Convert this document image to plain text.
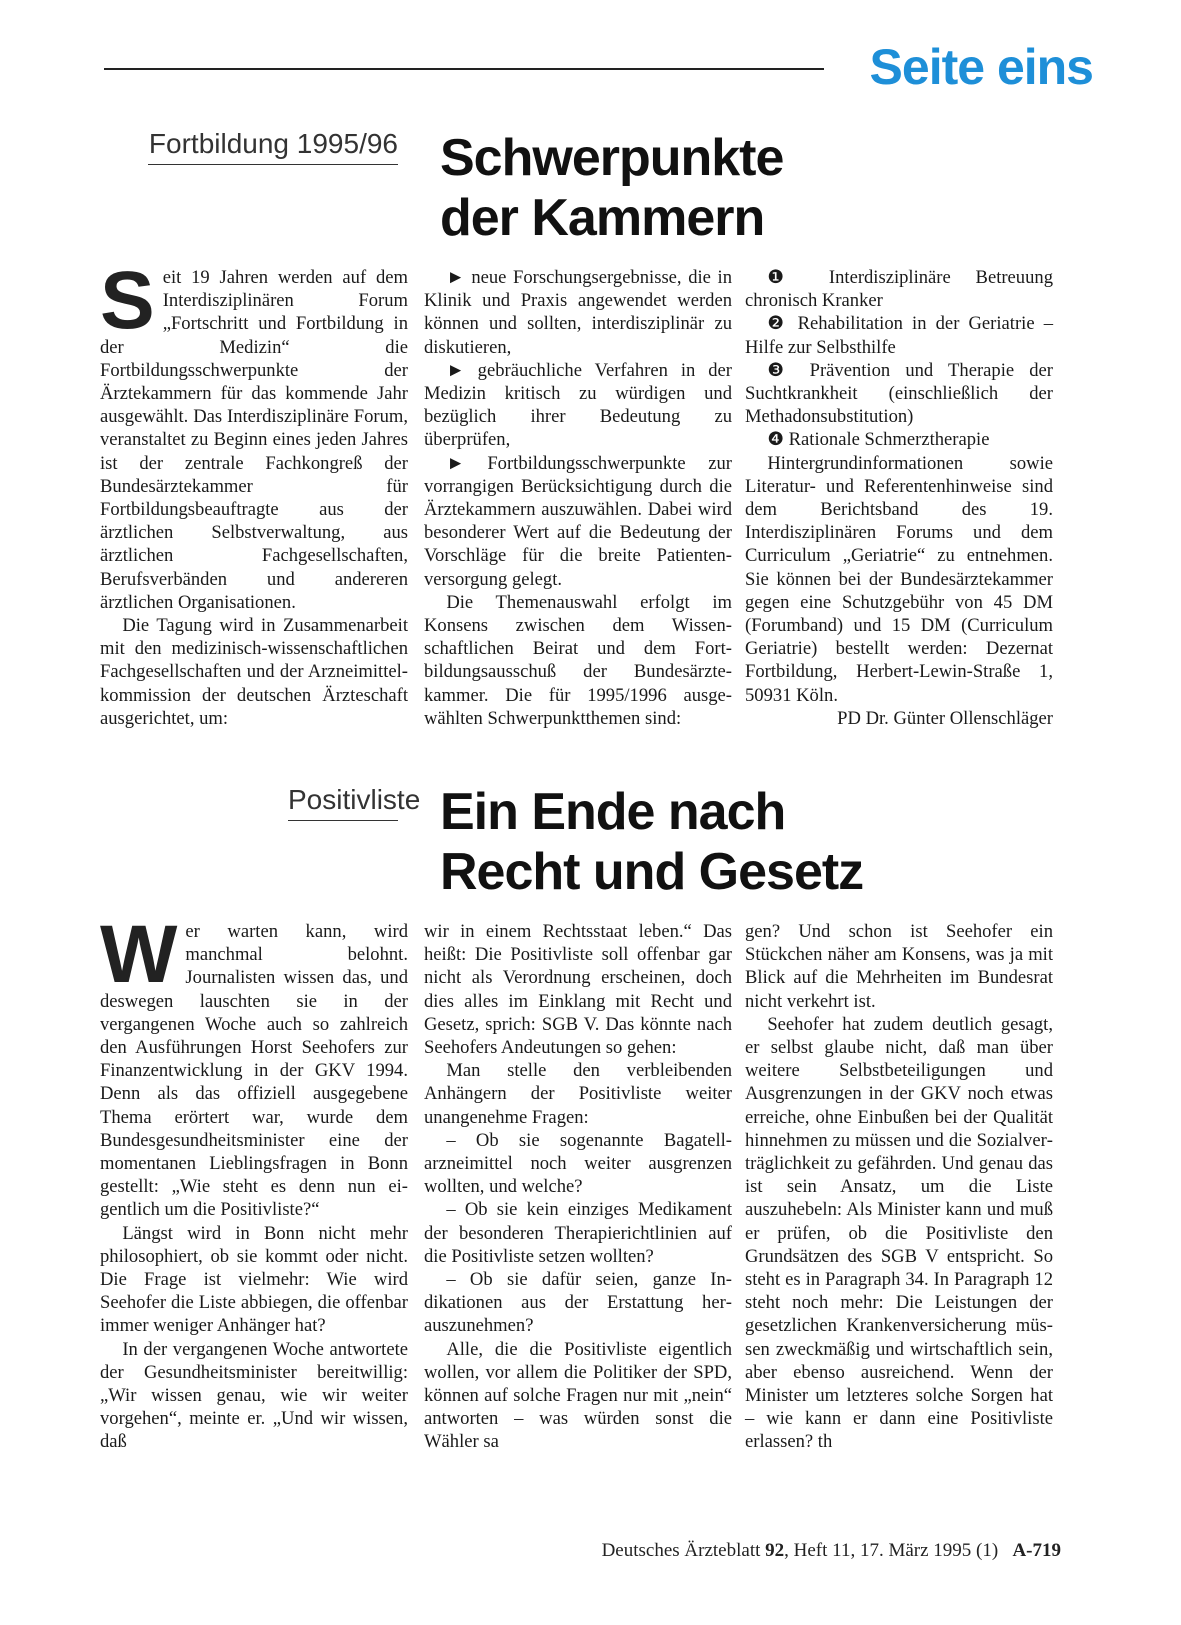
Seite eins
Fortbildung 1995/96 Schwerpunkte
der Kammern
S eit 19 Jahren werden auf dem Interdisziplinären Forum „Fortschritt und Fortbildung in der Medizin“ die Fortbildungsschwerpunkte der Ärztekammern für das kommende Jahr ausgewählt. Das Interdisziplinäre Forum, veranstaltet zu Beginn eines jeden Jahres ist der zentrale Fachkongreß der Bundesärztekammer für Fortbildungsbeauftragte aus der ärztlichen Selbstverwaltung, aus ärztlichen Fachgesellschaften, Berufsverbänden und andereren ärztlichen Organisationen.

Die Tagung wird in Zusammenarbeit mit den medizinisch-wissenschaftlichen Fachgesellschaften und der Arzneimittelkommission der deutschen Ärzteschaft ausgerichtet, um:

► neue Forschungsergebnisse, die in Klinik und Praxis angewendet werden können und sollten, interdisziplinär zu diskutieren,

► gebräuchliche Verfahren in der Medizin kritisch zu würdigen und bezüglich ihrer Bedeutung zu überprüfen,

► Fortbildungsschwerpunkte zur vorrangigen Berücksichtigung durch die Ärztekammern auszuwählen. Dabei wird besonderer Wert auf die Bedeutung der Vorschläge für die breite Patientenversorgung gelegt.

Die Themenauswahl erfolgt im Konsens zwischen dem Wissenschaftlichen Beirat und dem Fortbildungsausschuß der Bundesärztekammer. Die für 1995/1996 ausgewählten Schwerpunktthemen sind:

❶ Interdisziplinäre Betreuung chronisch Kranker

❷ Rehabilitation in der Geriatrie – Hilfe zur Selbsthilfe

❸ Prävention und Therapie der Suchtkrankheit (einschließlich der Methadonsubstitution)

❹ Rationale Schmerztherapie

Hintergrundinformationen sowie Literatur- und Referentenhinweise sind dem Berichtsband des 19. Interdisziplinären Forums und dem Curriculum „Geriatrie“ zu entnehmen. Sie können bei der Bundesärztekammer gegen eine Schutzgebühr von 45 DM (Forumband) und 15 DM (Curriculum Geriatrie) bestellt werden: Dezernat Fortbildung, Herbert-Lewin-Straße 1, 50931 Köln.

PD Dr. Günter Ollenschläger

Positivliste Ein Ende nach
Recht und Gesetz
W er warten kann, wird manchmal belohnt. Journalisten wissen das, und deswegen lauschten sie in der vergangenen Woche auch so zahlreich den Ausführungen Horst Seehofers zur Finanzentwicklung in der GKV 1994. Denn als das offiziell ausgegebene Thema erörtert war, wurde dem Bundesgesundheitsminister eine der momentanen Lieblingsfragen in Bonn gestellt: „Wie steht es denn nun eigentlich um die Positivliste?“

Längst wird in Bonn nicht mehr philosophiert, ob sie kommt oder nicht. Die Frage ist vielmehr: Wie wird Seehofer die Liste abbiegen, die offenbar immer weniger Anhänger hat?

In der vergangenen Woche antwortete der Gesundheitsminister bereitwillig: „Wir wissen genau, wie wir weiter vorgehen“, meinte er. „Und wir wissen, daß

wir in einem Rechtsstaat leben.“ Das heißt: Die Positivliste soll offenbar gar nicht als Verordnung erscheinen, doch dies alles im Einklang mit Recht und Gesetz, sprich: SGB V. Das könnte nach Seehofers Andeutungen so gehen:

Man stelle den verbleibenden Anhängern der Positivliste weiter unangenehme Fragen:

– Ob sie sogenannte Bagatellarzneimittel noch weiter ausgrenzen wollten, und welche?

– Ob sie kein einziges Medikament der besonderen Therapierichtlinien auf die Positivliste setzen wollten?

– Ob sie dafür seien, ganze Indikationen aus der Erstattung herauszunehmen?

Alle, die die Positivliste eigentlich wollen, vor allem die Politiker der SPD, können auf solche Fragen nur mit „nein“ antworten – was würden sonst die Wähler sa

gen? Und schon ist Seehofer ein Stückchen näher am Konsens, was ja mit Blick auf die Mehrheiten im Bundesrat nicht verkehrt ist.

Seehofer hat zudem deutlich gesagt, er selbst glaube nicht, daß man über weitere Selbstbeteiligungen und Ausgrenzungen in der GKV noch etwas erreiche, ohne Einbußen bei der Qualität hinnehmen zu müssen und die Sozialverträglichkeit zu gefährden. Und genau das ist sein Ansatz, um die Liste auszuhebeln: Als Minister kann und muß er prüfen, ob die Positivliste den Grundsätzen des SGB V entspricht. So steht es in Paragraph 34. In Paragraph 12 steht noch mehr: Die Leistungen der gesetzlichen Krankenversicherung müssen zweckmäßig und wirtschaftlich sein, aber ebenso ausreichend. Wenn der Minister um letzteres solche Sorgen hat – wie kann er dann eine Positivliste erlassen? th

Deutsches Ärzteblatt 92, Heft 11, 17. März 1995 (1) A-719
